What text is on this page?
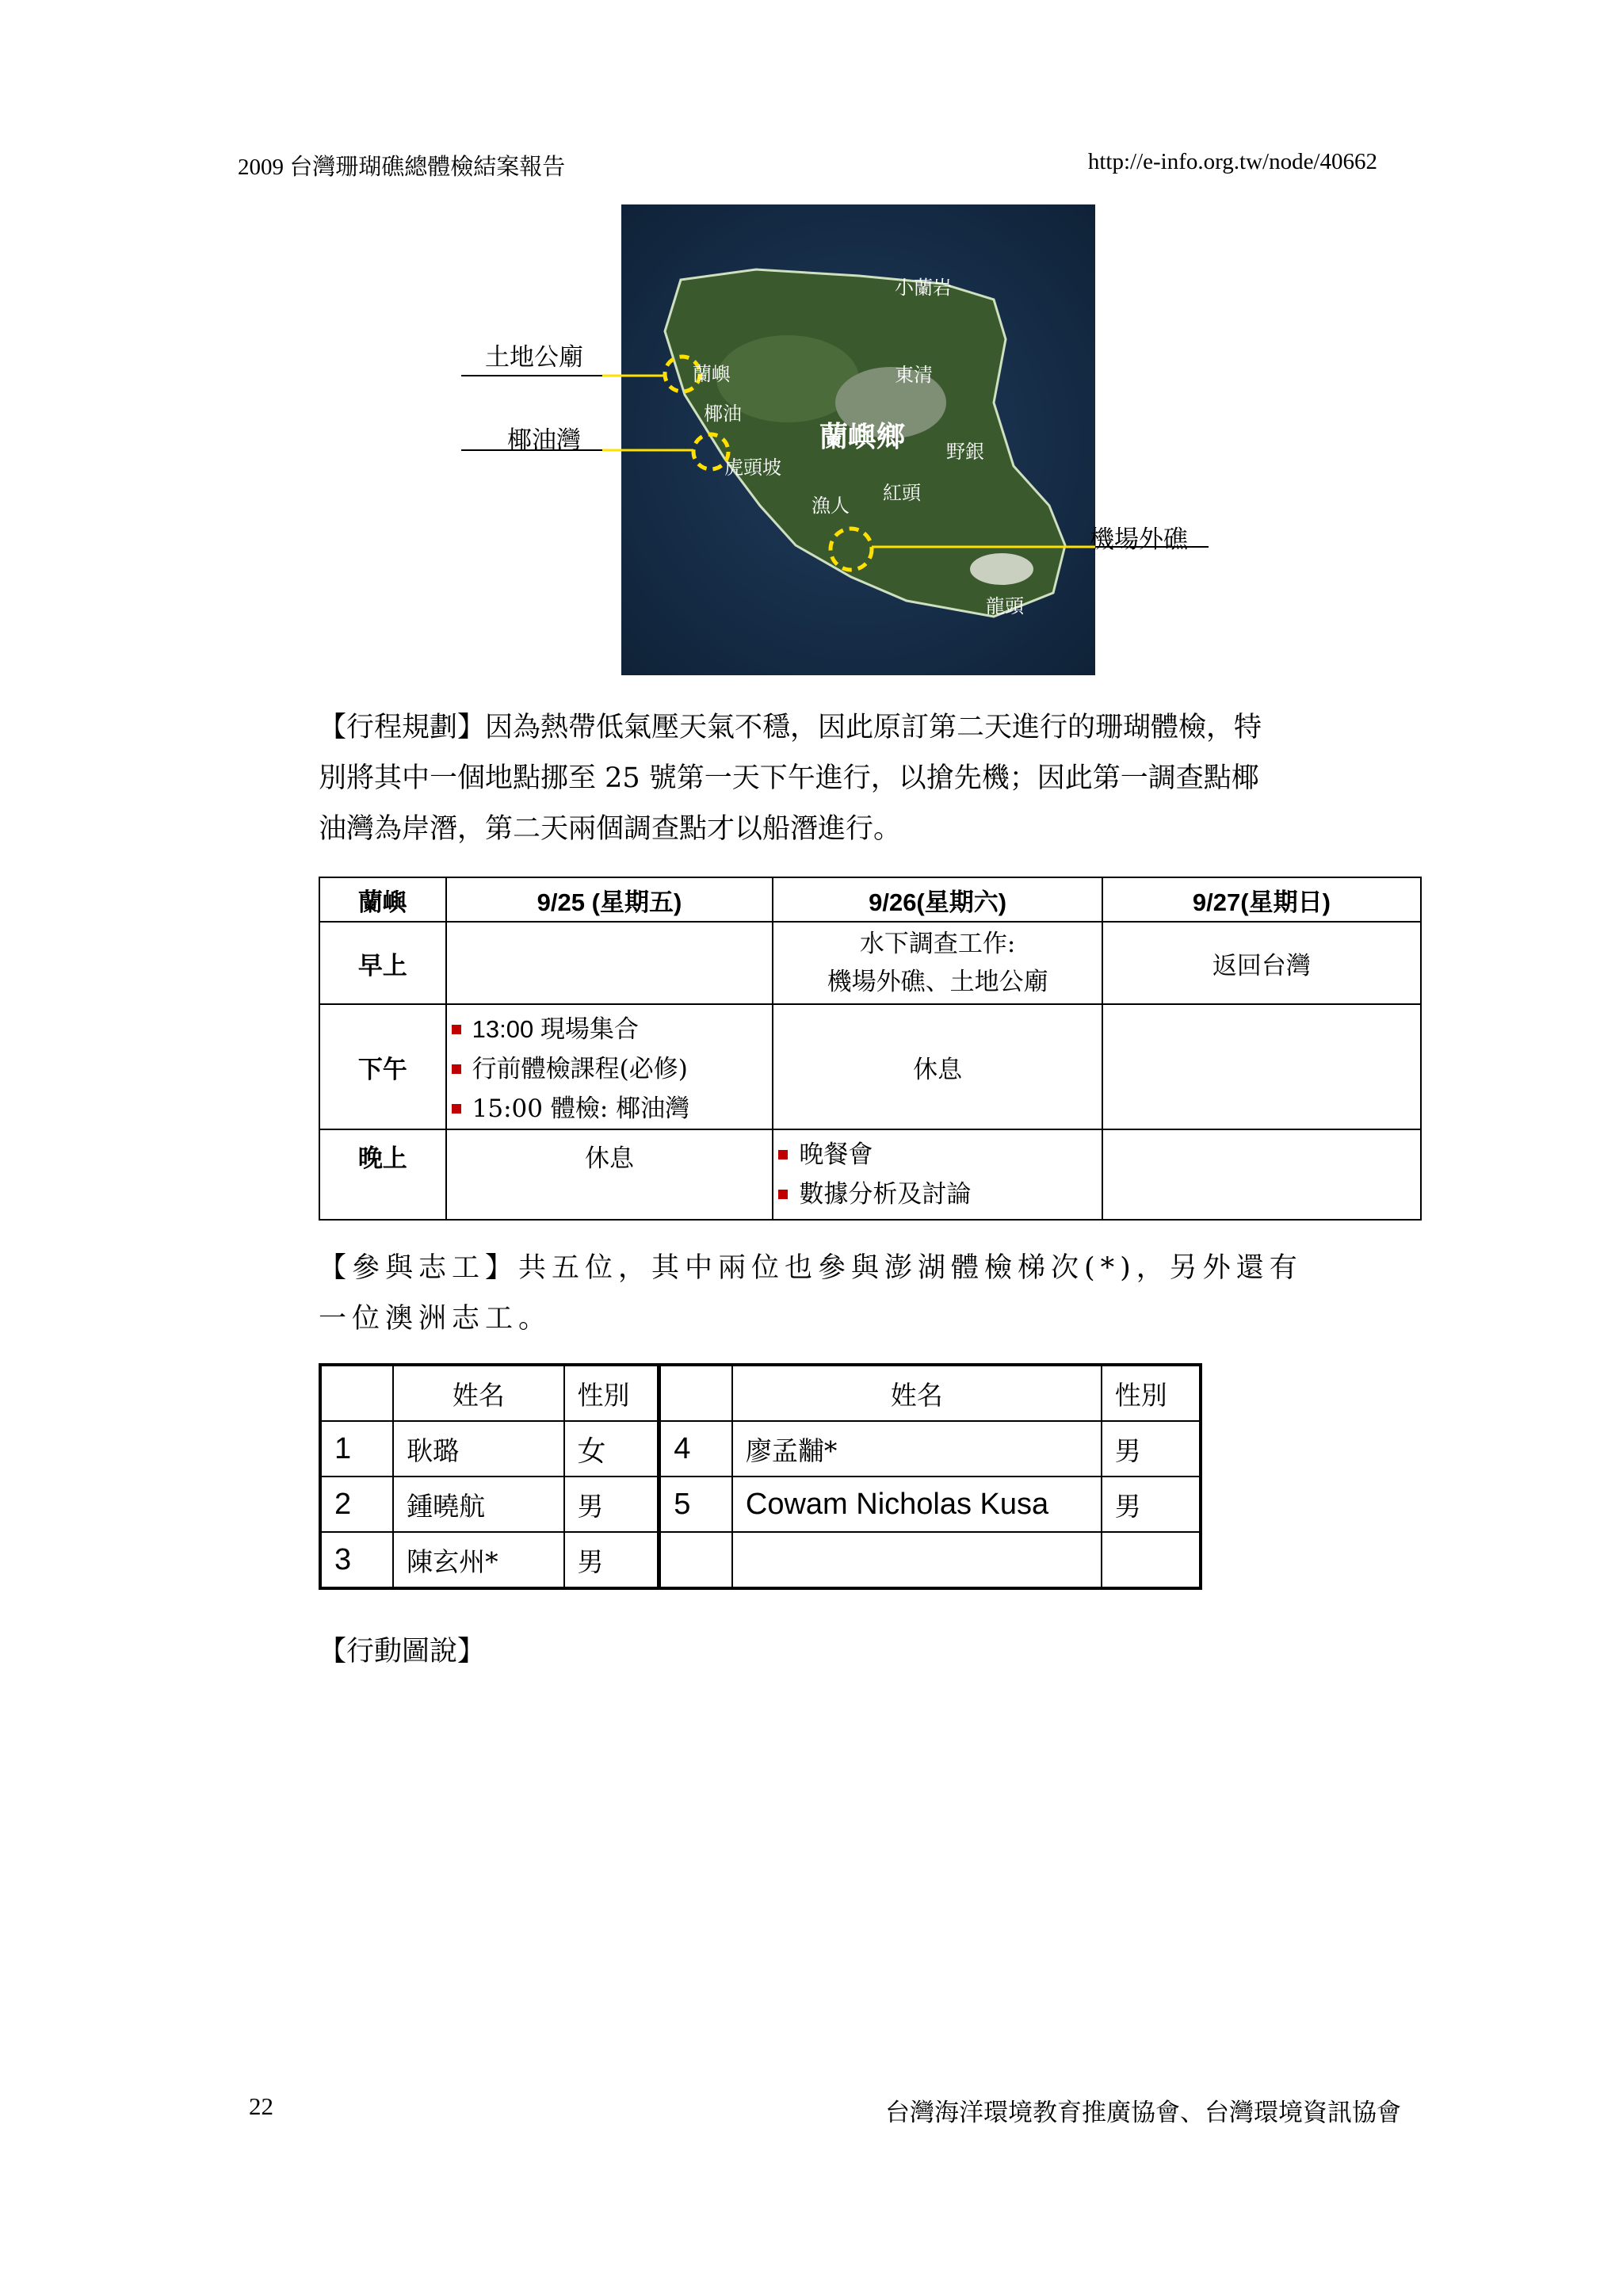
2009 台灣珊瑚礁總體檢結案報告	http://e-info.org.tw/node/40662
小蘭岩
東清
蘭嶼
椰油
虎頭坡
蘭嶼鄉 野銀
漁人
紅頭
龍頭
土地公廟
椰油灣
機場外礁
【行程規劃】因為熱帶低氣壓天氣不穩，因此原訂第二天進行的珊瑚體檢，特
別將其中一個地點挪至 25 號第一天下午進行，以搶先機；因此第一調查點椰
油灣為岸潛，第二天兩個調查點才以船潛進行。
蘭嶼	9/25 (星期五)	9/26(星期六)	9/27(星期日)
早上		水下調查工作:
機場外礁、土地公廟	返回台灣
下午	13:00 現場集合
行前體檢課程(必修)
15:00 體檢: 椰油灣	休息	
晚上	休息	晚餐會
數據分析及討論	

【參與志工】共五位，其中兩位也參與澎湖體檢梯次(*)，另外還有
一位澳洲志工。
	姓名	性別		姓名	性別
1	耿璐	女	4	廖孟黼*	男
2	鍾曉航	男	5	Cowam Nicholas Kusa	男
3	陳玄州*	男			
【行動圖說】
22	台灣海洋環境教育推廣協會、台灣環境資訊協會
